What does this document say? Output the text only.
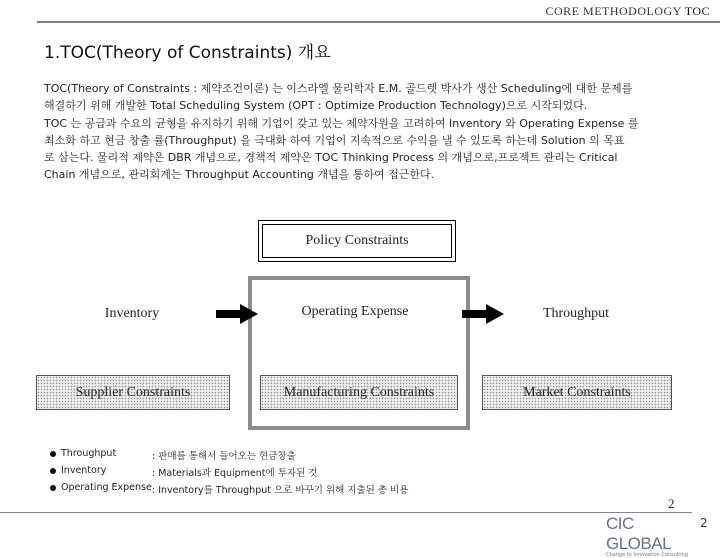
CORE METHODOLOGY TOC
1.TOC(Theory of Constraints) 개요
TOC(Theory of Constraints : 제약조건이론) 는 이스라엘 물리학자 E.M. 골드렛 박사가 생산 Scheduling에 대한 문제를
해결하기 위해 개발한 Total Scheduling System (OPT : Optimize Production Technology)으로 시작되었다.
TOC 는 공급과 수요의 균형을 유지하기 위해 기업이 갖고 있는 제약자원을 고려하여 Inventory 와 Operating Expense 를
최소화 하고 현금 창출 률(Throughput) 을 극대화 하여 기업이 지속적으로 수익을 낼 수 있도록 하는데 Solution 의 목표
로 삼는다. 물리적 제약은 DBR 개념으로, 경책적 제약은 TOC Thinking Process 의 개념으로,프로젝트 관리는 Critical
Chain 개념으로, 관리회계는 Throughput Accounting 개념을 통하여 접근한다.
Policy Constraints
Inventory	Operating Expense	Throughput
Supplier Constraints	Manufacturing Constraints	Market Constraints
Throughput	: 판매를 통해서 들어오는 현금창출
Inventory	: Materials과 Equipment에 투자된 것
Operating Expense : Inventory를 Throughput 으로 바꾸기 위해 지출된 총 비용
2
CIC GLOBAL
Change to Innovation Consulting
2
